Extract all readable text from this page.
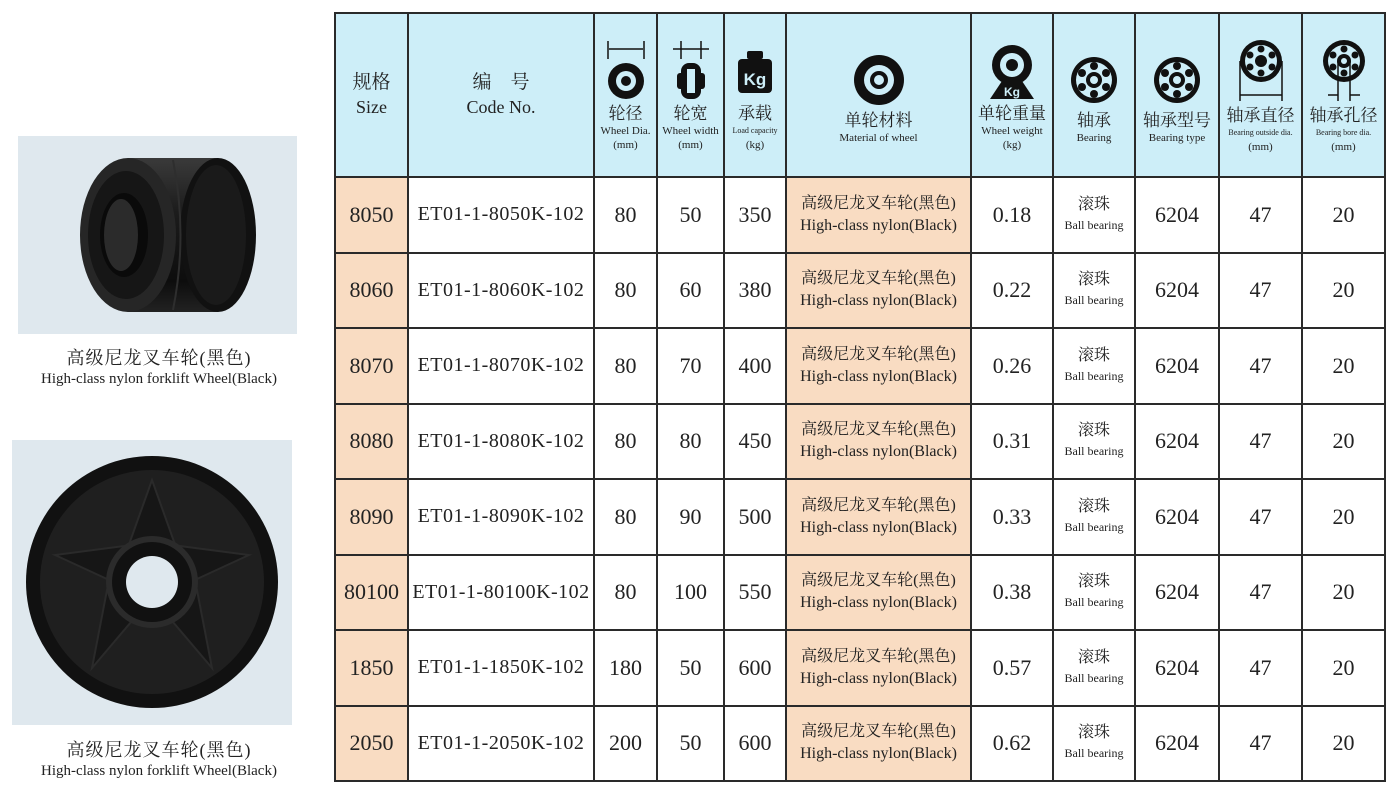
高级尼龙叉车轮(黑色)
High-class nylon forklift Wheel(Black)
高级尼龙叉车轮(黑色)
High-class nylon forklift Wheel(Black)
规格
Size	编　号
Code No.	轮径
Wheel Dia.
(mm)	轮宽
Wheel width
(mm)	Kg
承载
Load capacity
(kg)	单轮材料
Material of wheel	Kg
单轮重量
Wheel weight
(kg)	轴承
Bearing	轴承型号
Bearing type	轴承直径
Bearing outside dia.
(mm)	轴承孔径
Bearing bore dia.
(mm)

8050	ET01-1-8050K-102	80	50	350	高级尼龙叉车轮(黑色)
High-class nylon(Black)	0.18	滚珠
Ball bearing	6204	47	20
8060	ET01-1-8060K-102	80	60	380	高级尼龙叉车轮(黑色)
High-class nylon(Black)	0.22	滚珠
Ball bearing	6204	47	20
8070	ET01-1-8070K-102	80	70	400	高级尼龙叉车轮(黑色)
High-class nylon(Black)	0.26	滚珠
Ball bearing	6204	47	20
8080	ET01-1-8080K-102	80	80	450	高级尼龙叉车轮(黑色)
High-class nylon(Black)	0.31	滚珠
Ball bearing	6204	47	20
8090	ET01-1-8090K-102	80	90	500	高级尼龙叉车轮(黑色)
High-class nylon(Black)	0.33	滚珠
Ball bearing	6204	47	20
80100	ET01-1-80100K-102	80	100	550	高级尼龙叉车轮(黑色)
High-class nylon(Black)	0.38	滚珠
Ball bearing	6204	47	20
1850	ET01-1-1850K-102	180	50	600	高级尼龙叉车轮(黑色)
High-class nylon(Black)	0.57	滚珠
Ball bearing	6204	47	20
2050	ET01-1-2050K-102	200	50	600	高级尼龙叉车轮(黑色)
High-class nylon(Black)	0.62	滚珠
Ball bearing	6204	47	20
